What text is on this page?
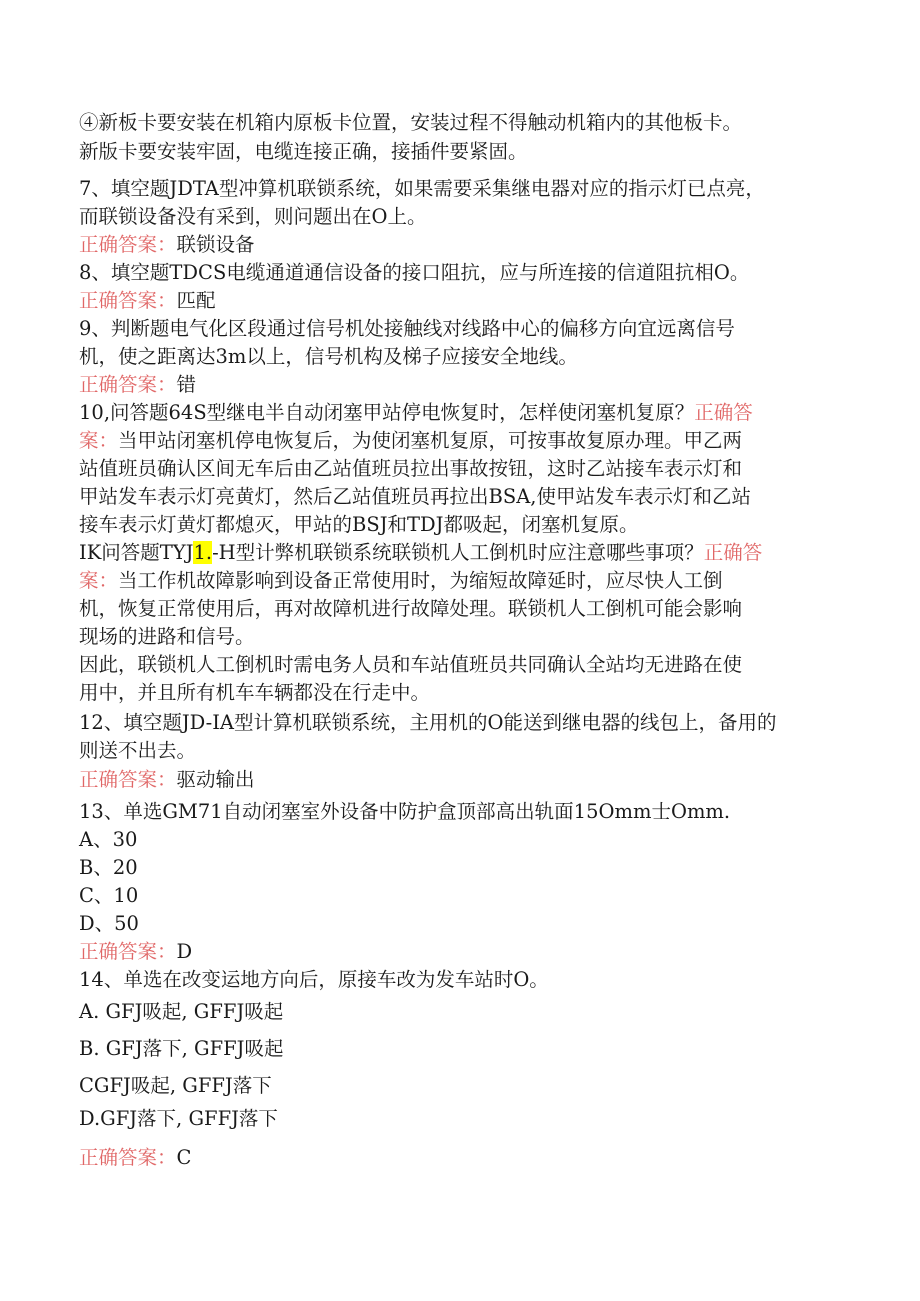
④新板卡要安装在机箱内原板卡位置，安装过程不得触动机箱内的其他板卡。
新版卡要安装牢固，电缆连接正确，接插件要紧固。
7、填空题JDTA型冲算机联锁系统，如果需要采集继电器对应的指示灯已点亮，
而联锁设备没有采到，则问题出在O上。
正确答案：联锁设备
8、填空题TDCS电缆通道通信设备的接口阻抗，应与所连接的信道阻抗相O。
正确答案：匹配
9、判断题电气化区段通过信号机处接触线对线路中心的偏移方向宜远离信号
机，使之距离达3m以上，信号机构及梯子应接安全地线。
正确答案：错
10,问答题64S型继电半自动闭塞甲站停电恢复时，怎样使闭塞机复原？正确答
案：当甲站闭塞机停电恢复后，为使闭塞机复原，可按事故复原办理。甲乙两
站值班员确认区间无车后由乙站值班员拉出事故按钮，这时乙站接车表示灯和
甲站发车表示灯亮黄灯，然后乙站值班员再拉出BSA,使甲站发车表示灯和乙站
接车表示灯黄灯都熄灭，甲站的BSJ和TDJ都吸起，闭塞机复原。
IK问答题TYJ1.-H型计弊机联锁系统联锁机人工倒机时应注意哪些事项？正确答
案：当工作机故障影响到设备正常使用时，为缩短故障延时，应尽快人工倒
机，恢复正常使用后，再对故障机进行故障处理。联锁机人工倒机可能会影响
现场的进路和信号。
因此，联锁机人工倒机时需电务人员和车站值班员共同确认全站均无进路在使
用中，并且所有机车车辆都没在行走中。
12、填空题JD-IA型计算机联锁系统，主用机的O能送到继电器的线包上，备用的
则送不出去。
正确答案：驱动输出
13、单选GM71自动闭塞室外设备中防护盒顶部高出轨面15Omm士Omm.
A、30
B、20
C、10
D、50
正确答案：D
14、单选在改变运地方向后，原接车改为发车站时O。
A. GFJ吸起, GFFJ吸起
B. GFJ落下, GFFJ吸起
CGFJ吸起, GFFJ落下
D.GFJ落下, GFFJ落下
正确答案：C
